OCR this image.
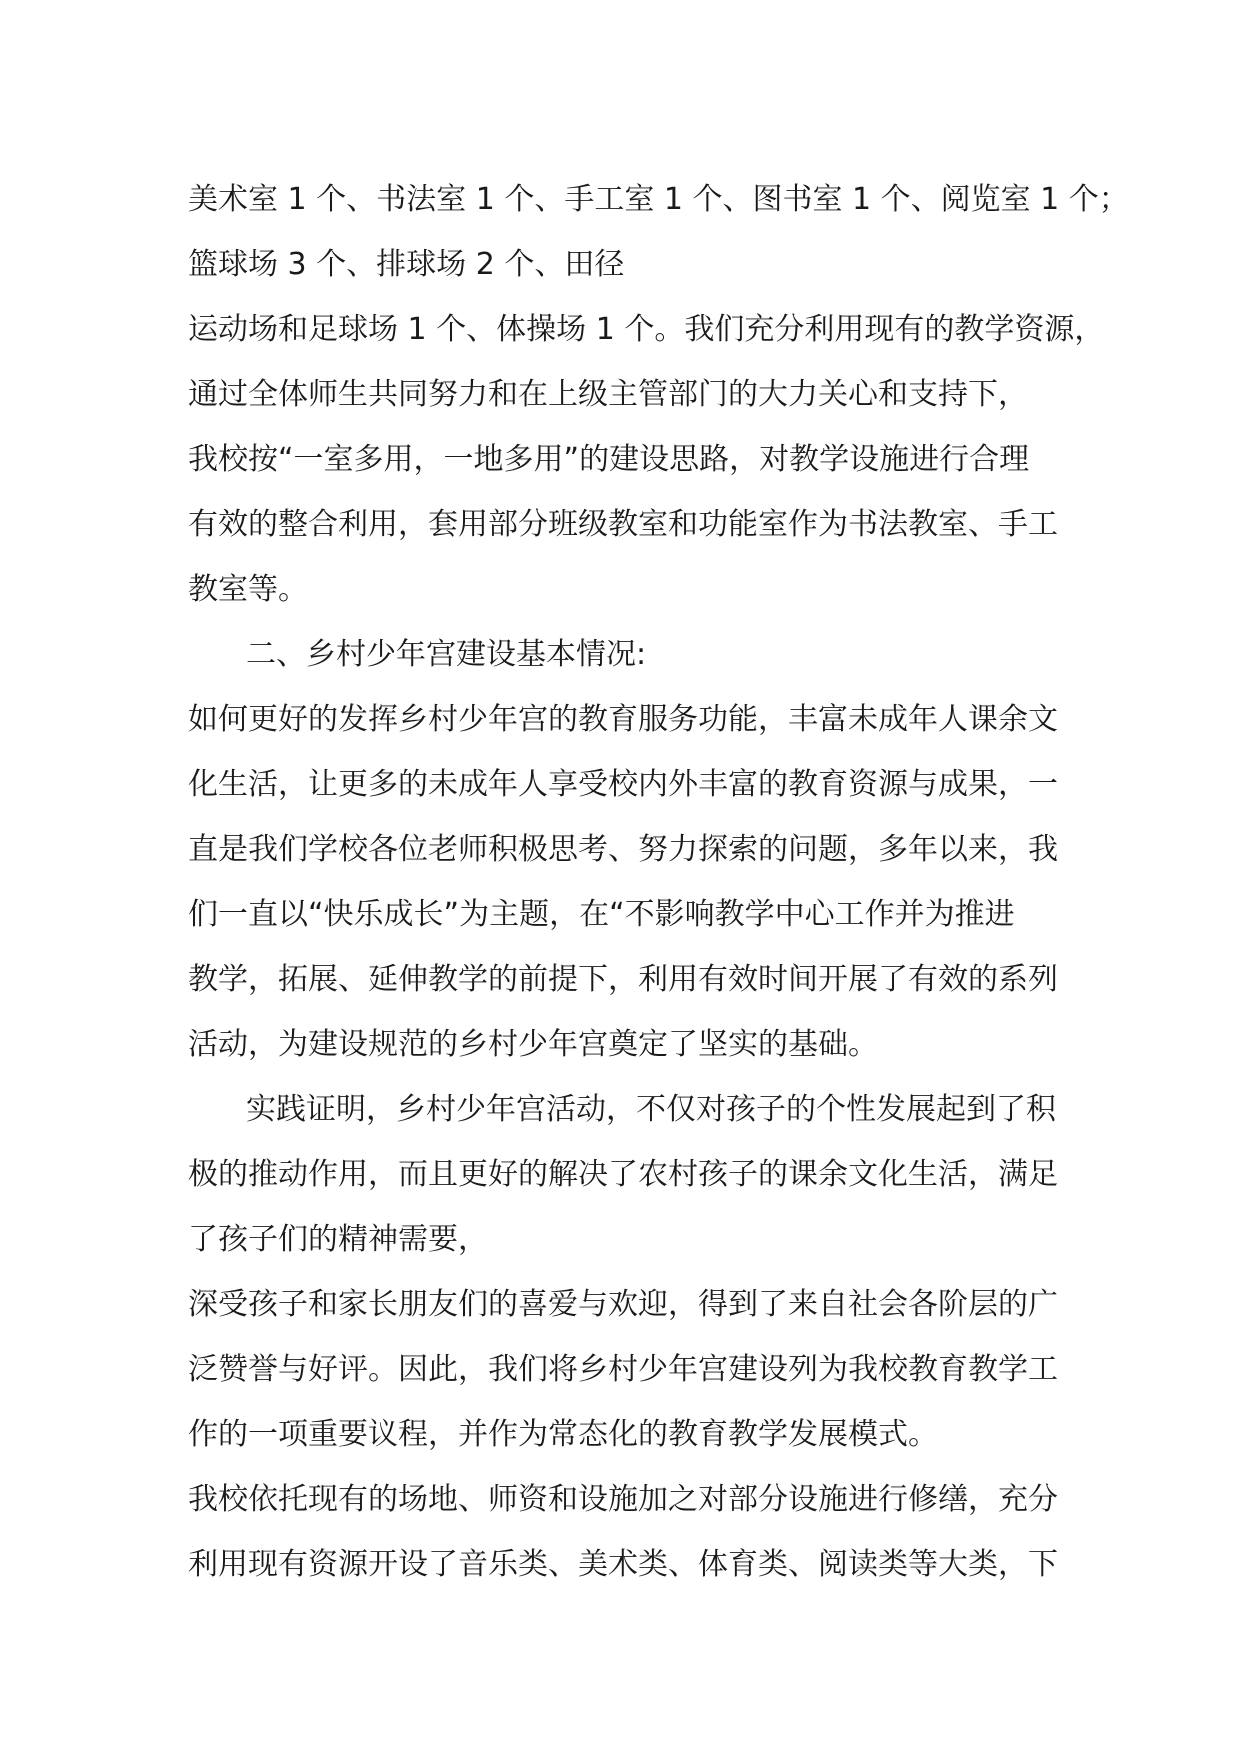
美术室 1 个、书法室 1 个、手工室 1 个、图书室 1 个、阅览室 1 个；
篮球场 3 个、排球场 2 个、田径
运动场和足球场 1 个、体操场 1 个。我们充分利用现有的教学资源，
通过全体师生共同努力和在上级主管部门的大力关心和支持下，
我校按“一室多用，一地多用”的建设思路，对教学设施进行合理
有效的整合利用，套用部分班级教室和功能室作为书法教室、手工
教室等。
二、乡村少年宫建设基本情况:
如何更好的发挥乡村少年宫的教育服务功能，丰富未成年人课余文
化生活，让更多的未成年人享受校内外丰富的教育资源与成果，一
直是我们学校各位老师积极思考、努力探索的问题，多年以来，我
们一直以“快乐成长”为主题，在“不影响教学中心工作并为推进
教学，拓展、延伸教学的前提下，利用有效时间开展了有效的系列
活动，为建设规范的乡村少年宫奠定了坚实的基础。
实践证明，乡村少年宫活动，不仅对孩子的个性发展起到了积
极的推动作用，而且更好的解决了农村孩子的课余文化生活，满足
了孩子们的精神需要，
深受孩子和家长朋友们的喜爱与欢迎，得到了来自社会各阶层的广
泛赞誉与好评。因此，我们将乡村少年宫建设列为我校教育教学工
作的一项重要议程，并作为常态化的教育教学发展模式。
我校依托现有的场地、师资和设施加之对部分设施进行修缮，充分
利用现有资源开设了音乐类、美术类、体育类、阅读类等大类，下
